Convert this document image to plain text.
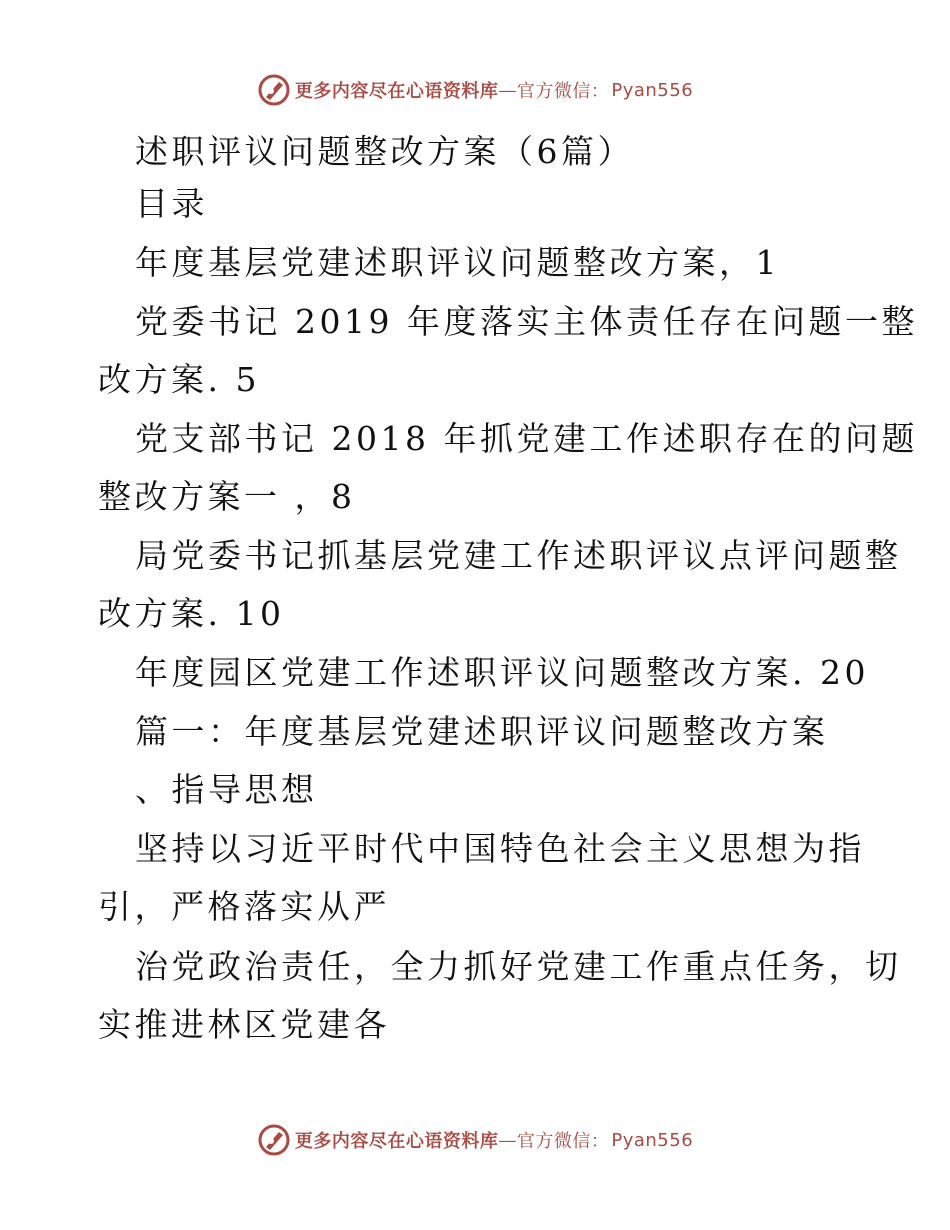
更多内容尽在心语资料库 — 官方微信： Pyan556
述职评议问题整改方案（6篇）
目录
年度基层党建述职评议问题整改方案，1
党委书记 2019 年度落实主体责任存在问题一整
改方案. 5
党支部书记 2018 年抓党建工作述职存在的问题
整改方案一 ，8
局党委书记抓基层党建工作述职评议点评问题整
改方案. 10
年度园区党建工作述职评议问题整改方案. 20
篇一：年度基层党建述职评议问题整改方案
、指导思想
坚持以习近平时代中国特色社会主义思想为指
引，严格落实从严
治党政治责任，全力抓好党建工作重点任务，切
实推进林区党建各
更多内容尽在心语资料库 — 官方微信： Pyan556
